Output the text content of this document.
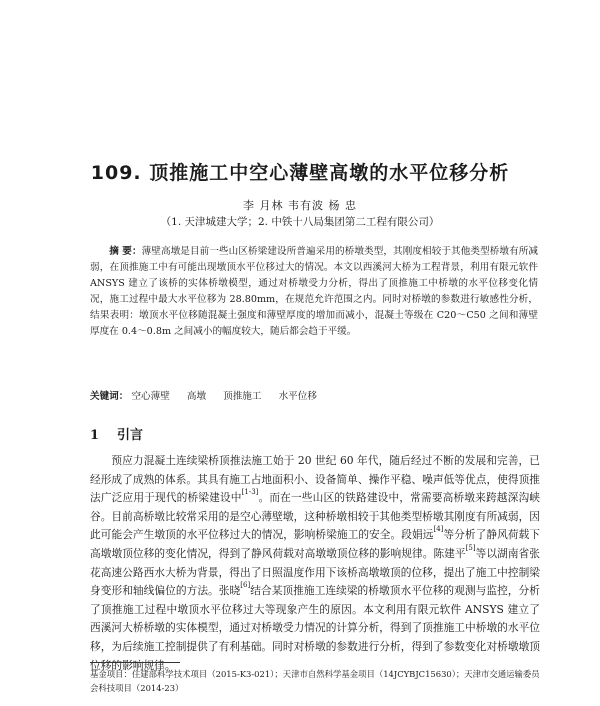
109. 顶推施工中空心薄壁高墩的水平位移分析
李 月林 韦有波 杨 忠
（1. 天津城建大学；2. 中铁十八局集团第二工程有限公司）
摘 要：薄壁高墩是目前一些山区桥梁建设所普遍采用的桥墩类型，其刚度相较于其他类型桥墩有所减弱，在顶推施工中有可能出现墩顶水平位移过大的情况。本文以西溪河大桥为工程背景，利用有限元软件 ANSYS 建立了该桥的实体桥墩模型，通过对桥墩受力分析，得出了顶推施工中桥墩的水平位移变化情况，施工过程中最大水平位移为 28.80mm，在规范允许范围之内。同时对桥墩的参数进行敏感性分析，结果表明：墩顶水平位移随混凝土强度和薄壁厚度的增加而减小，混凝土等级在 C20～C50 之间和薄壁厚度在 0.4～0.8m 之间减小的幅度较大，随后都会趋于平缓。
关键词： 空心薄壁 高墩 顶推施工 水平位移
1 引言
预应力混凝土连续梁桥顶推法施工始于 20 世纪 60 年代，随后经过不断的发展和完善，已经形成了成熟的体系。其具有施工占地面积小、设备简单、操作平稳、噪声低等优点，使得顶推法广泛应用于现代的桥梁建设中[1-3]。而在一些山区的铁路建设中，常需要高桥墩来跨越深沟峡谷。目前高桥墩比较常采用的是空心薄壁墩，这种桥墩相较于其他类型桥墩其刚度有所减弱，因此可能会产生墩顶的水平位移过大的情况，影响桥梁施工的安全。段娟远[4]等分析了静风荷载下高墩墩顶位移的变化情况，得到了静风荷载对高墩墩顶位移的影响规律。陈建平[5]等以湖南省张花高速公路西水大桥为背景，得出了日照温度作用下该桥高墩墩顶的位移，提出了施工中控制梁身变形和轴线偏位的方法。张晓[6]结合某顶推施工连续梁的桥墩顶水平位移的观测与监控，分析了顶推施工过程中墩顶水平位移过大等现象产生的原因。本文利用有限元软件 ANSYS 建立了西溪河大桥桥墩的实体模型，通过对桥墩受力情况的计算分析，得到了顶推施工中桥墩的水平位移，为后续施工控制提供了有利基础。同时对桥墩的参数进行分析，得到了参数变化对桥墩墩顶位移的影响规律。
基金项目：住建部科学技术项目（2015-K3-021）；天津市自然科学基金项目（14JCYBJC15630）；天津市交通运输委员会科技项目（2014-23）
